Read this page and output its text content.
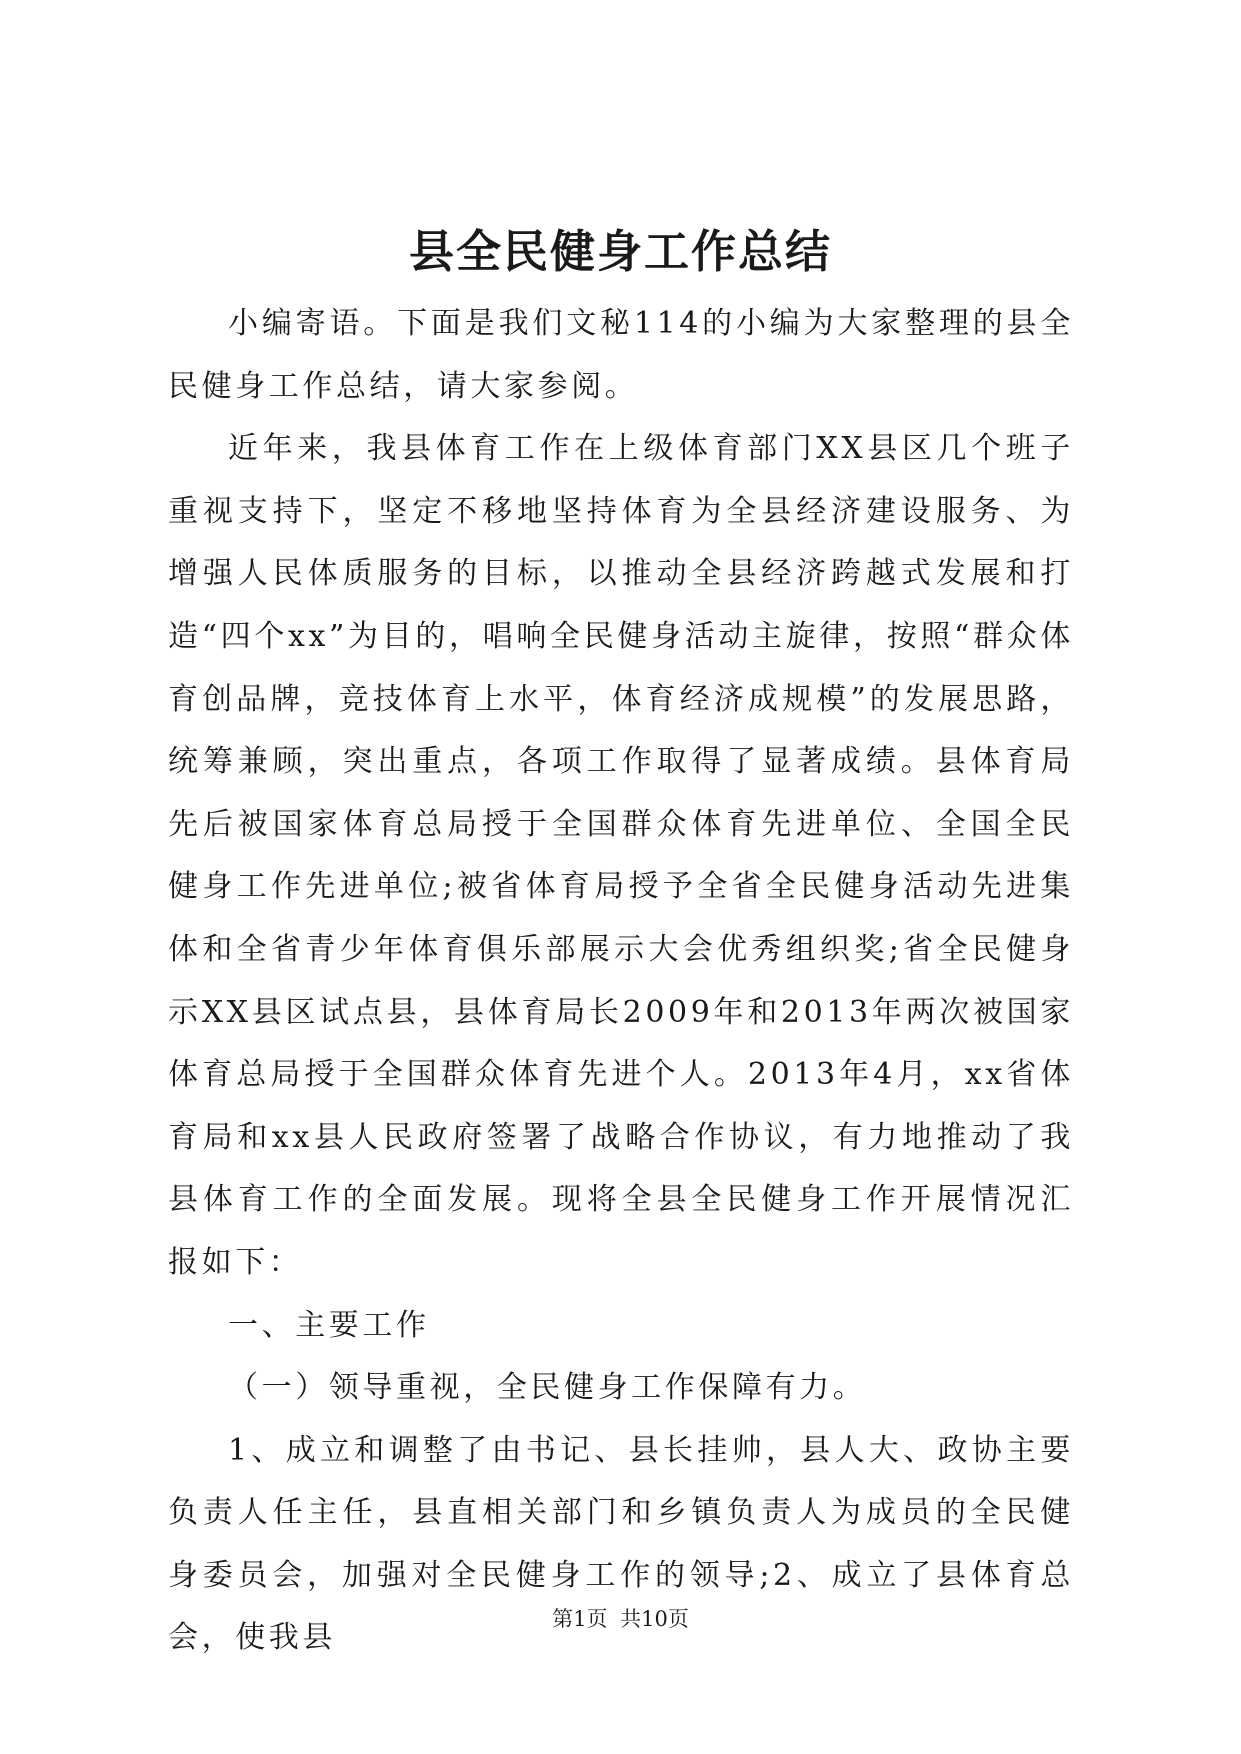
县全民健身工作总结

小编寄语。下面是我们文秘114的小编为大家整理的县全民健身工作总结，请大家参阅。

近年来，我县体育工作在上级体育部门XX县区几个班子重视支持下，坚定不移地坚持体育为全县经济建设服务、为增强人民体质服务的目标，以推动全县经济跨越式发展和打造“四个xx”为目的，唱响全民健身活动主旋律，按照“群众体育创品牌，竞技体育上水平，体育经济成规模”的发展思路，统筹兼顾，突出重点，各项工作取得了显著成绩。县体育局先后被国家体育总局授于全国群众体育先进单位、全国全民健身工作先进单位;被省体育局授予全省全民健身活动先进集体和全省青少年体育俱乐部展示大会优秀组织奖;省全民健身示XX县区试点县，县体育局长2009年和2013年两次被国家体育总局授于全国群众体育先进个人。2013年4月，xx省体育局和xx县人民政府签署了战略合作协议，有力地推动了我县体育工作的全面发展。现将全县全民健身工作开展情况汇报如下：

一、主要工作

（一）领导重视，全民健身工作保障有力。

1、成立和调整了由书记、县长挂帅，县人大、政协主要负责人任主任，县直相关部门和乡镇负责人为成员的全民健身委员会，加强对全民健身工作的领导;2、成立了县体育总会，使我县

第1页 共10页
